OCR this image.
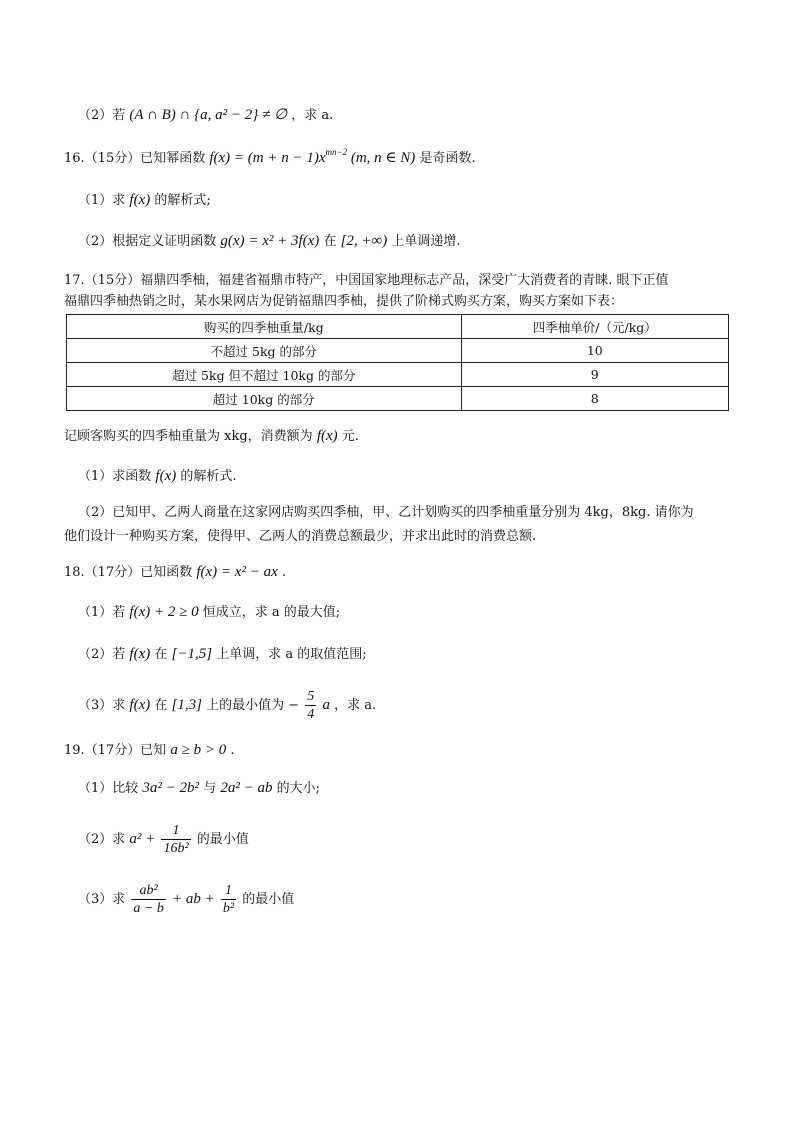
（2）若 (A ∩ B) ∩ {a, a² − 2} ≠ ∅ ，求 a.
16.（15分）已知幂函数 $f(x) = (m + n - 1)x^{mn-2}$ (m, n ∈ N) 是奇函数.
（1）求 f(x) 的解析式;
（2）根据定义证明函数 g(x) = x² + 3f(x) 在 [2, +∞) 上单调递增.
17.（15分）福鼎四季柚，福建省福鼎市特产，中国国家地理标志产品，深受广大消费者的青睐. 眼下正值
福鼎四季柚热销之时，某水果网店为促销福鼎四季柚，提供了阶梯式购买方案，购买方案如下表：
购买的四季柚重量/kg	四季柚单价/（元/kg）
不超过 5kg 的部分	10
超过 5kg 但不超过 10kg 的部分	9
超过 10kg 的部分	8
记顾客购买的四季柚重量为 xkg，消费额为 f(x) 元.
（1）求函数 f(x) 的解析式.
（2）已知甲、乙两人商量在这家网店购买四季柚，甲、乙计划购买的四季柚重量分别为 4kg，8kg. 请你为
他们设计一种购买方案，使得甲、乙两人的消费总额最少，并求出此时的消费总额.
18.（17分）已知函数 f(x) = x² − ax .
（1）若 f(x) + 2 ≥ 0 恒成立，求 a 的最大值;
（2）若 f(x) 在 [−1,5] 上单调，求 a 的取值范围;
（3）求 f(x) 在 [1,3] 上的最小值为 − $\frac{5}{4}$ a ，求 a.
19.（17分）已知 a ≥ b > 0 .
（1）比较 3a² − 2b² 与 2a² − ab 的大小;
（2）求 $a^2 + \frac{1}{\text{16b²}}$ 的最小值
（3）求 $\frac{\text{ab²}}{a - b}$ + ab + $\frac{1}{\text{b²}}$ 的最小值
